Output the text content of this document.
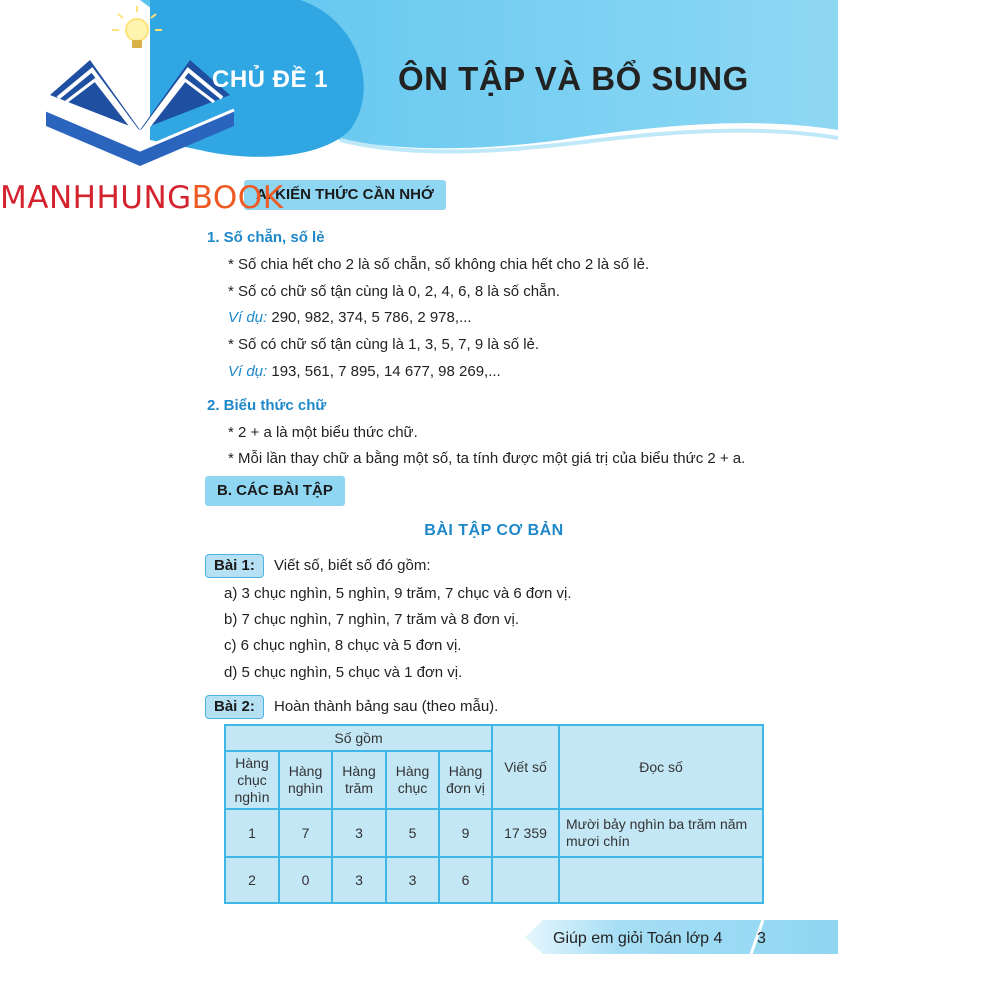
CHỦ ĐỀ 1 ÔN TẬP VÀ BỔ SUNG
A. KIẾN THỨC CẦN NHỚ
MANHHUNGBOOK
1. Số chẵn, số lẻ
* Số chia hết cho 2 là số chẵn, số không chia hết cho 2 là số lẻ.
* Số có chữ số tận cùng là 0, 2, 4, 6, 8 là số chẵn.
Ví dụ: 290, 982, 374, 5 786, 2 978,...
* Số có chữ số tận cùng là 1, 3, 5, 7, 9 là số lẻ.
Ví dụ: 193, 561, 7 895, 14 677, 98 269,...
2. Biểu thức chữ
* 2 + a là một biểu thức chữ.
* Mỗi lần thay chữ a bằng một số, ta tính được một giá trị của biểu thức 2 + a.
B. CÁC BÀI TẬP
BÀI TẬP CƠ BẢN
Bài 1:	Viết số, biết số đó gồm:
a) 3 chục nghìn, 5 nghìn, 9 trăm, 7 chục và 6 đơn vị.
b) 7 chục nghìn, 7 nghìn, 7 trăm và 8 đơn vị.
c) 6 chục nghìn, 8 chục và 5 đơn vị.
d) 5 chục nghìn, 5 chục và 1 đơn vị.
Bài 2:	Hoàn thành bảng sau (theo mẫu).
Số gồm					Viết số	Đọc số
Hàng chục nghìn	Hàng nghìn	Hàng trăm	Hàng chục	Hàng đơn vị		
1	7	3	5	9	17 359	Mười bảy nghìn ba trăm năm mươi chín
2	0	3	3	6		
Giúp em giỏi Toán lớp 4 3
